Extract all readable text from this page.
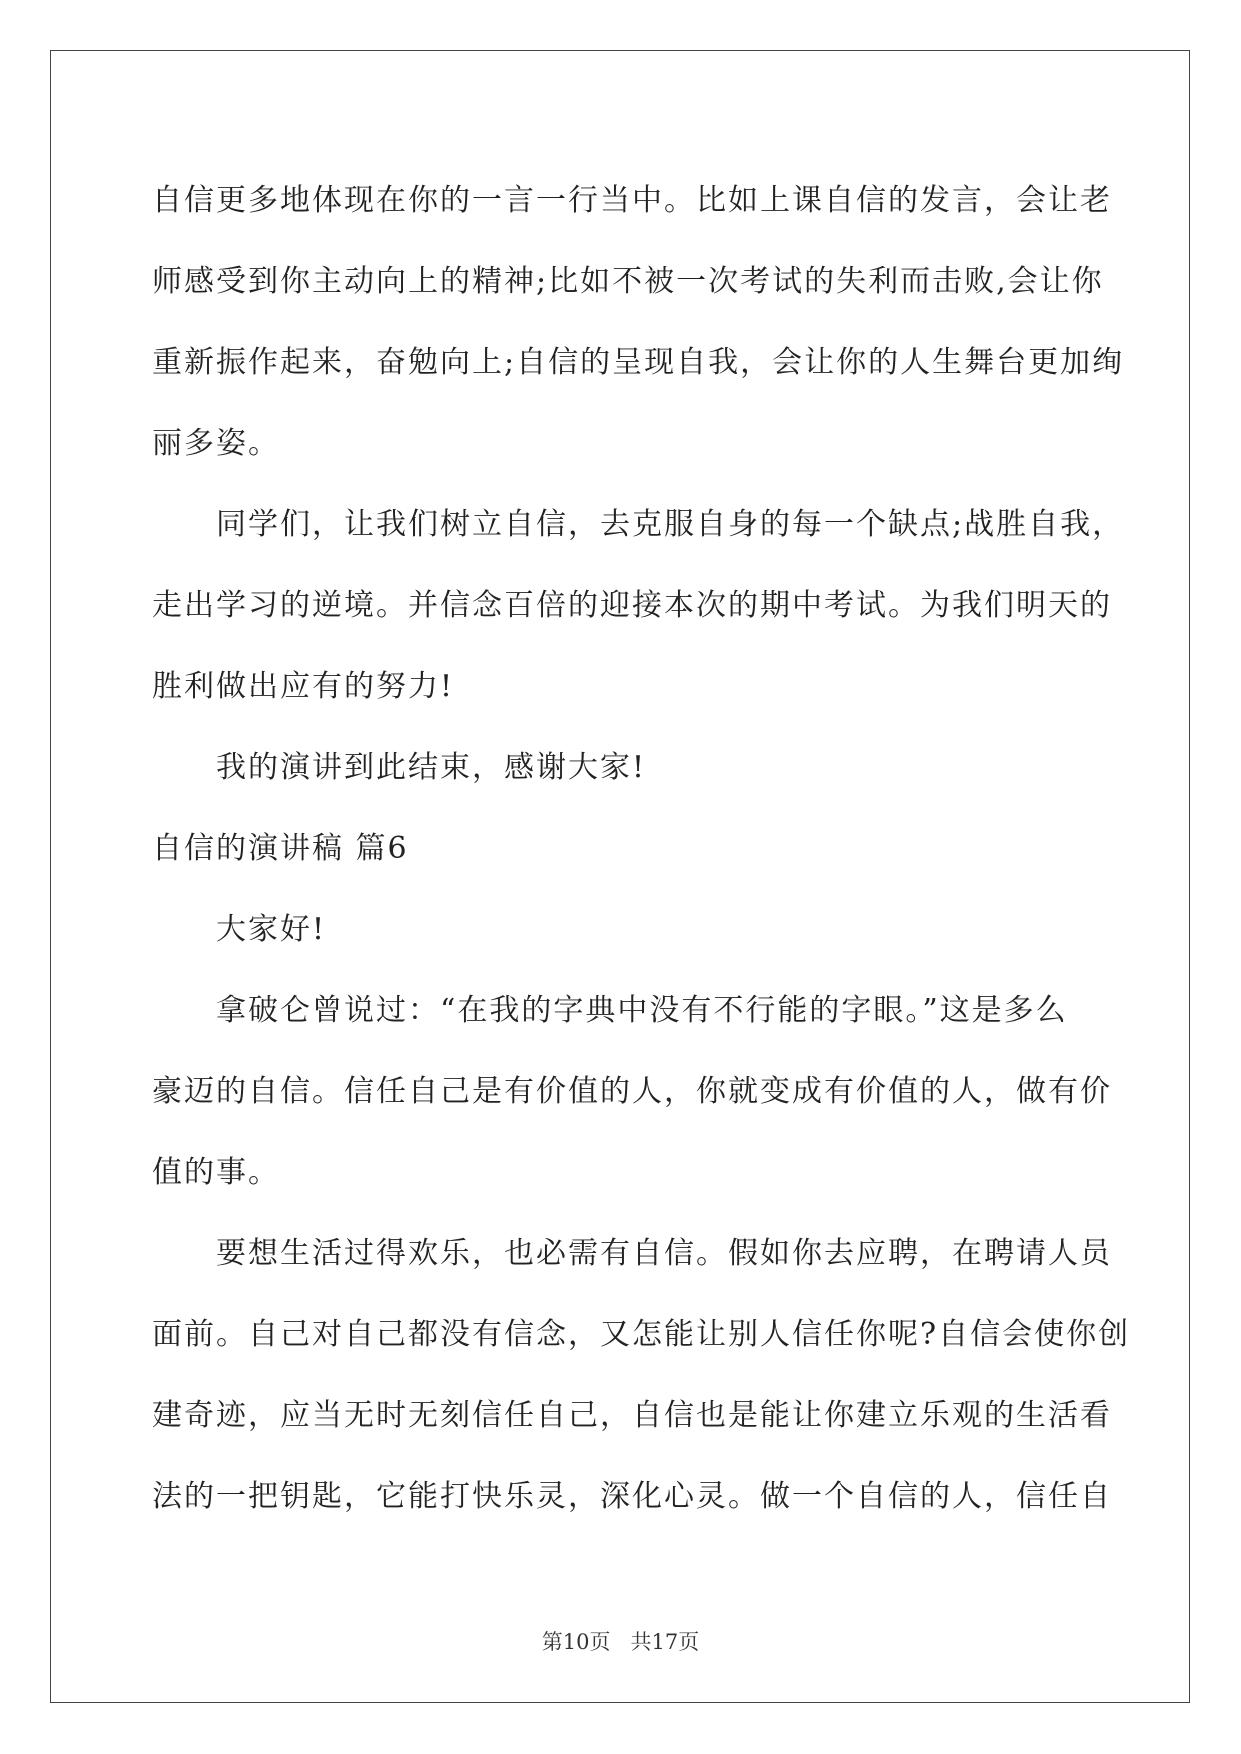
自信更多地体现在你的一言一行当中。比如上课自信的发言，会让老
师感受到你主动向上的精神;比如不被一次考试的失利而击败,会让你
重新振作起来，奋勉向上;自信的呈现自我，会让你的人生舞台更加绚
丽多姿。
同学们，让我们树立自信，去克服自身的每一个缺点;战胜自我，
走出学习的逆境。并信念百倍的迎接本次的期中考试。为我们明天的
胜利做出应有的努力!
我的演讲到此结束，感谢大家!
自信的演讲稿 篇6
大家好!
拿破仑曾说过：“在我的字典中没有不行能的字眼。”这是多么
豪迈的自信。信任自己是有价值的人，你就变成有价值的人，做有价
值的事。
要想生活过得欢乐，也必需有自信。假如你去应聘，在聘请人员
面前。自己对自己都没有信念，又怎能让别人信任你呢?自信会使你创
建奇迹，应当无时无刻信任自己，自信也是能让你建立乐观的生活看
法的一把钥匙，它能打快乐灵，深化心灵。做一个自信的人，信任自
第10页 共17页
